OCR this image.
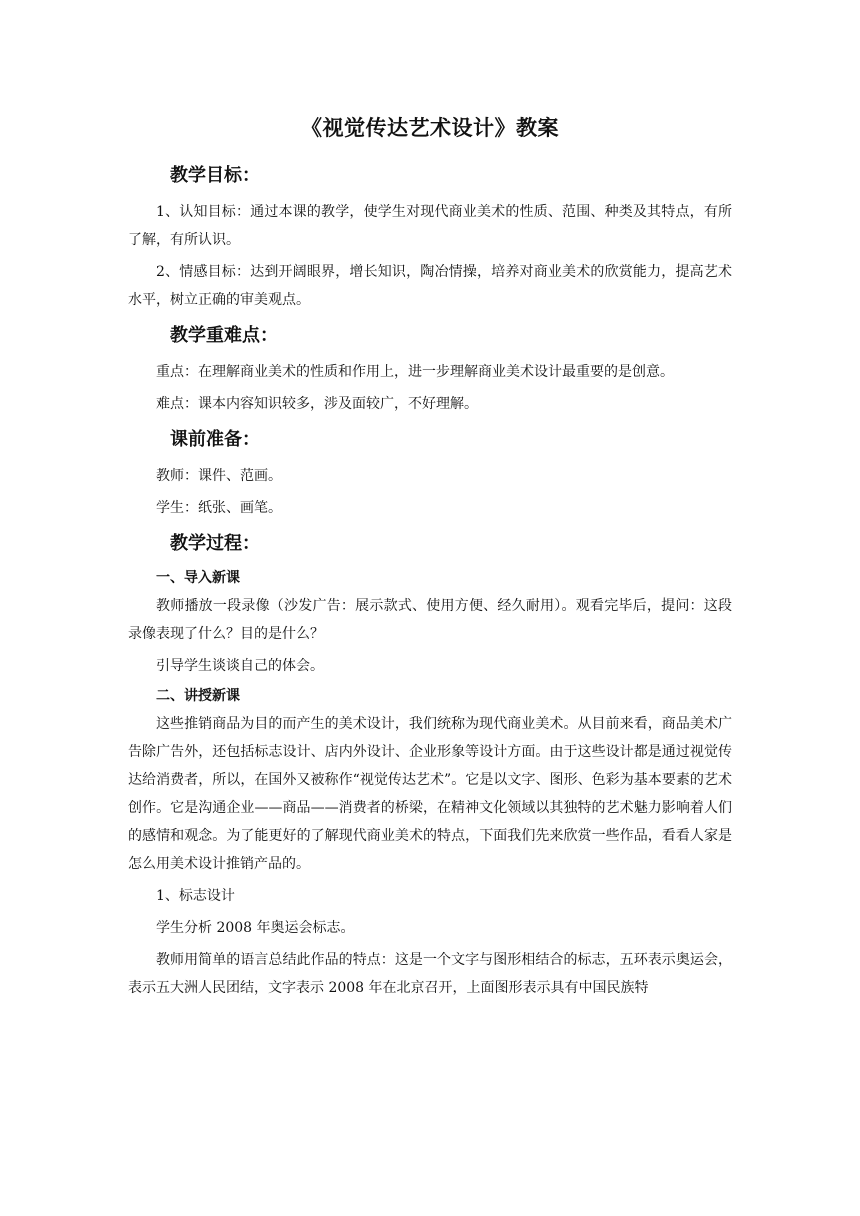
《视觉传达艺术设计》教案
教学目标：

1、认知目标：通过本课的教学，使学生对现代商业美术的性质、范围、种类及其特点，有所了解，有所认识。

2、情感目标：达到开阔眼界，增长知识，陶冶情操，培养对商业美术的欣赏能力，提高艺术水平，树立正确的审美观点。

教学重难点：

重点：在理解商业美术的性质和作用上，进一步理解商业美术设计最重要的是创意。

难点：课本内容知识较多，涉及面较广，不好理解。

课前准备：

教师：课件、范画。

学生：纸张、画笔。

教学过程：
一、导入新课

教师播放一段录像（沙发广告：展示款式、使用方便、经久耐用）。观看完毕后，提问：这段录像表现了什么？目的是什么？

引导学生谈谈自己的体会。

二、讲授新课

这些推销商品为目的而产生的美术设计，我们统称为现代商业美术。从目前来看，商品美术广告除广告外，还包括标志设计、店内外设计、企业形象等设计方面。由于这些设计都是通过视觉传达给消费者，所以，在国外又被称作“视觉传达艺术”。它是以文字、图形、色彩为基本要素的艺术创作。它是沟通企业——商品——消费者的桥梁，在精神文化领域以其独特的艺术魅力影响着人们的感情和观念。为了能更好的了解现代商业美术的特点，下面我们先来欣赏一些作品，看看人家是怎么用美术设计推销产品的。

1、标志设计

学生分析 2008 年奥运会标志。

教师用简单的语言总结此作品的特点：这是一个文字与图形相结合的标志，五环表示奥运会，表示五大洲人民团结，文字表示 2008 年在北京召开，上面图形表示具有中国民族特
